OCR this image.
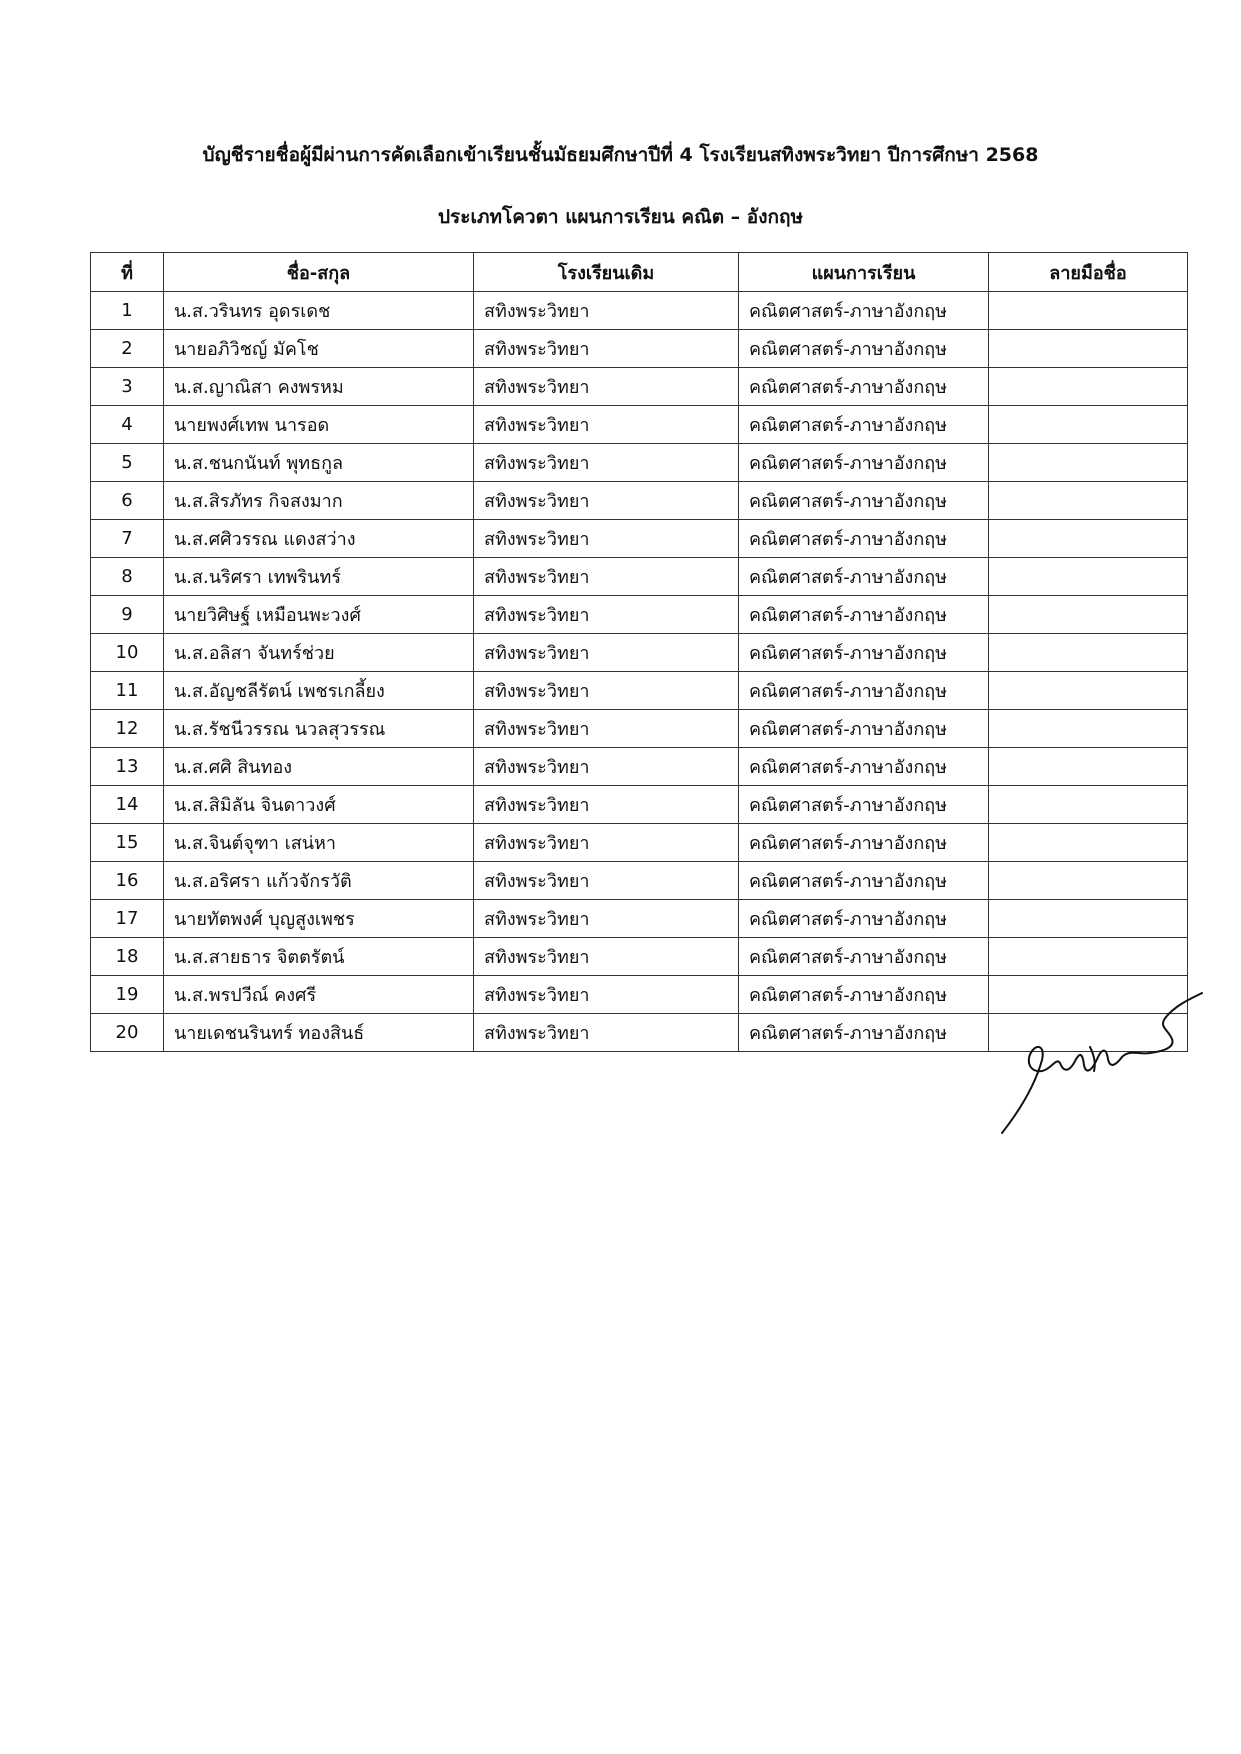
บัญชีรายชื่อผู้มีผ่านการคัดเลือกเข้าเรียนชั้นมัธยมศึกษาปีที่ 4 โรงเรียนสทิงพระวิทยา ปีการศึกษา 2568
ประเภทโควตา แผนการเรียน คณิต – อังกฤษ
ที่	ชื่อ-สกุล	โรงเรียนเดิม	แผนการเรียน	ลายมือชื่อ
1	น.ส.วรินทร อุดรเดช	สทิงพระวิทยา	คณิตศาสตร์-ภาษาอังกฤษ	
2	นายอภิวิชญ์ มัคโช	สทิงพระวิทยา	คณิตศาสตร์-ภาษาอังกฤษ	
3	น.ส.ญาณิสา คงพรหม	สทิงพระวิทยา	คณิตศาสตร์-ภาษาอังกฤษ	
4	นายพงศ์เทพ นารอด	สทิงพระวิทยา	คณิตศาสตร์-ภาษาอังกฤษ	
5	น.ส.ชนกนันท์ พุทธกูล	สทิงพระวิทยา	คณิตศาสตร์-ภาษาอังกฤษ	
6	น.ส.สิรภัทร กิจสงมาก	สทิงพระวิทยา	คณิตศาสตร์-ภาษาอังกฤษ	
7	น.ส.ศศิวรรณ แดงสว่าง	สทิงพระวิทยา	คณิตศาสตร์-ภาษาอังกฤษ	
8	น.ส.นริศรา เทพรินทร์	สทิงพระวิทยา	คณิตศาสตร์-ภาษาอังกฤษ	
9	นายวิศิษฐ์ เหมือนพะวงศ์	สทิงพระวิทยา	คณิตศาสตร์-ภาษาอังกฤษ	
10	น.ส.อลิสา จันทร์ช่วย	สทิงพระวิทยา	คณิตศาสตร์-ภาษาอังกฤษ	
11	น.ส.อัญชลีรัตน์ เพชรเกลี้ยง	สทิงพระวิทยา	คณิตศาสตร์-ภาษาอังกฤษ	
12	น.ส.รัชนีวรรณ นวลสุวรรณ	สทิงพระวิทยา	คณิตศาสตร์-ภาษาอังกฤษ	
13	น.ส.ศศิ สินทอง	สทิงพระวิทยา	คณิตศาสตร์-ภาษาอังกฤษ	
14	น.ส.สิมิลัน จินดาวงศ์	สทิงพระวิทยา	คณิตศาสตร์-ภาษาอังกฤษ	
15	น.ส.จินต์จุฑา เสน่หา	สทิงพระวิทยา	คณิตศาสตร์-ภาษาอังกฤษ	
16	น.ส.อริศรา แก้วจักรวัติ	สทิงพระวิทยา	คณิตศาสตร์-ภาษาอังกฤษ	
17	นายทัตพงศ์ บุญสูงเพชร	สทิงพระวิทยา	คณิตศาสตร์-ภาษาอังกฤษ	
18	น.ส.สายธาร จิตตรัตน์	สทิงพระวิทยา	คณิตศาสตร์-ภาษาอังกฤษ	
19	น.ส.พรปวีณ์ คงศรี	สทิงพระวิทยา	คณิตศาสตร์-ภาษาอังกฤษ	
20	นายเดชนรินทร์ ทองสินธ์	สทิงพระวิทยา	คณิตศาสตร์-ภาษาอังกฤษ	
